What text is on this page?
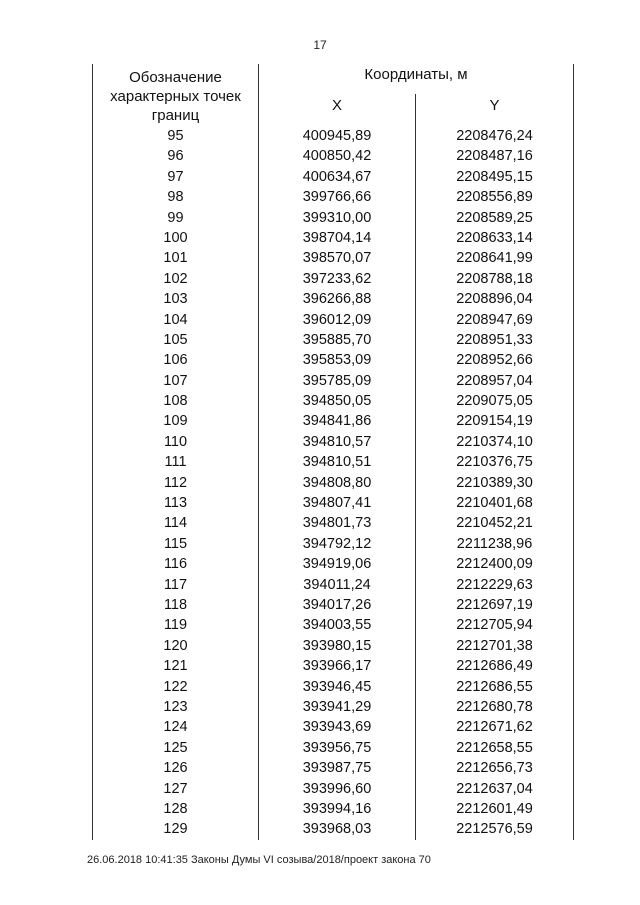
17
Обозначение
характерных точек
границ
Координаты, м
X	Y
95	400945,89	2208476,24
96	400850,42	2208487,16
97	400634,67	2208495,15
98	399766,66	2208556,89
99	399310,00	2208589,25
100	398704,14	2208633,14
101	398570,07	2208641,99
102	397233,62	2208788,18
103	396266,88	2208896,04
104	396012,09	2208947,69
105	395885,70	2208951,33
106	395853,09	2208952,66
107	395785,09	2208957,04
108	394850,05	2209075,05
109	394841,86	2209154,19
110	394810,57	2210374,10
111	394810,51	2210376,75
112	394808,80	2210389,30
113	394807,41	2210401,68
114	394801,73	2210452,21
115	394792,12	2211238,96
116	394919,06	2212400,09
117	394011,24	2212229,63
118	394017,26	2212697,19
119	394003,55	2212705,94
120	393980,15	2212701,38
121	393966,17	2212686,49
122	393946,45	2212686,55
123	393941,29	2212680,78
124	393943,69	2212671,62
125	393956,75	2212658,55
126	393987,75	2212656,73
127	393996,60	2212637,04
128	393994,16	2212601,49
129	393968,03	2212576,59
26.06.2018 10:41:35 Законы Думы VI созыва/2018/проект закона 70
